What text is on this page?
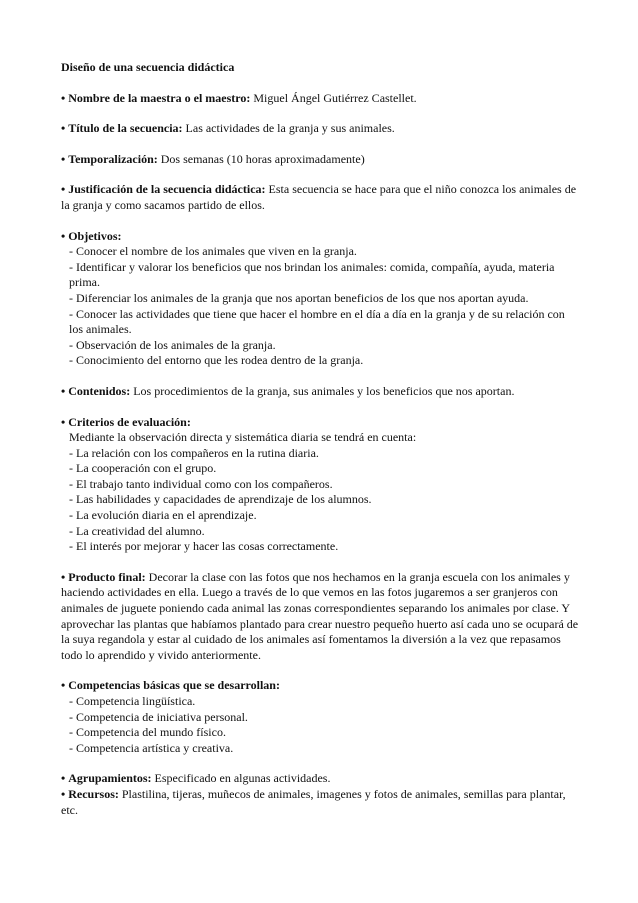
Diseño de una secuencia didáctica
• Nombre de la maestra o el maestro: Miguel Ángel Gutiérrez Castellet.
• Título de la secuencia: Las actividades de la granja y sus animales.
• Temporalización: Dos semanas (10 horas aproximadamente)
• Justificación de la secuencia didáctica: Esta secuencia se hace para que el niño conozca los animales de la granja y como sacamos partido de ellos.
• Objetivos:
- Conocer el nombre de los animales que viven en la granja.
- Identificar y valorar los beneficios que nos brindan los animales: comida, compañía, ayuda, materia prima.
- Diferenciar los animales de la granja que nos aportan beneficios de los que nos aportan ayuda.
- Conocer las actividades que tiene que hacer el hombre en el día a día en la granja y de su relación con los animales.
- Observación de los animales de la granja.
- Conocimiento del entorno que les rodea dentro de la granja.
• Contenidos: Los procedimientos de la granja, sus animales y los beneficios que nos aportan.
• Criterios de evaluación:
Mediante la observación directa y sistemática diaria se tendrá en cuenta:
- La relación con los compañeros en la rutina diaria.
- La cooperación con el grupo.
- El trabajo tanto individual como con los compañeros.
- Las habilidades y capacidades de aprendizaje de los alumnos.
- La evolución diaria en el aprendizaje.
- La creatividad del alumno.
- El interés por mejorar y hacer las cosas correctamente.
• Producto final: Decorar la clase con las fotos que nos hechamos en la granja escuela con los animales y haciendo actividades en ella. Luego a través de lo que vemos en las fotos jugaremos a ser granjeros con animales de juguete poniendo cada animal las zonas correspondientes separando los animales por clase. Y aprovechar las plantas que habíamos plantado para crear nuestro pequeño huerto así cada uno se ocupará de la suya regandola y estar al cuidado de los animales así fomentamos la diversión a la vez que repasamos todo lo aprendido y vivido anteriormente.
• Competencias básicas que se desarrollan:
- Competencia lingüística.
- Competencia de iniciativa personal.
- Competencia del mundo físico.
- Competencia artística y creativa.
• Agrupamientos: Especificado en algunas actividades.
• Recursos: Plastilina, tijeras, muñecos de animales, imagenes y fotos de animales, semillas para plantar, etc.
